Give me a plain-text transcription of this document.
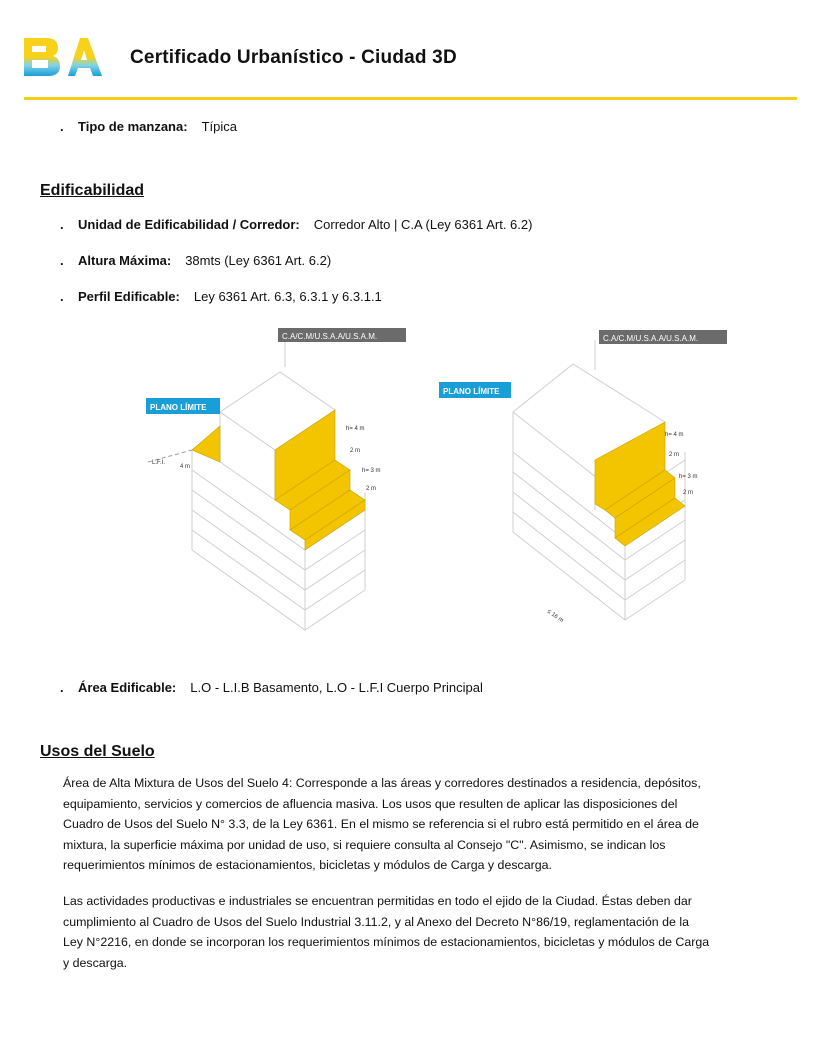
Certificado Urbanístico - Ciudad 3D
.	Tipo de manzana: Típica
Edificabilidad
.	Unidad de Edificabilidad / Corredor: Corredor Alto | C.A (Ley 6361 Art. 6.2)
.	Altura Máxima: 38mts (Ley 6361 Art. 6.2)
.	Perfil Edificable: Ley 6361 Art. 6.3, 6.3.1 y 6.3.1.1
C.A/C.M/U.S.A.A/U.S.A.M.
PLANO LÍMITE
h= 4 m
2 m
h= 3 m
2 m
L.F.I.
4 m
C.A/C.M/U.S.A.A/U.S.A.M.
PLANO LÍMITE
h= 4 m
2 m
h= 3 m
2 m
≤ 16 m
.	Área Edificable: L.O - L.I.B Basamento, L.O - L.F.I Cuerpo Principal
Usos del Suelo
Área de Alta Mixtura de Usos del Suelo 4: Corresponde a las áreas y corredores destinados a residencia, depósitos,
equipamiento, servicios y comercios de afluencia masiva. Los usos que resulten de aplicar las disposiciones del
Cuadro de Usos del Suelo N° 3.3, de la Ley 6361. En el mismo se referencia si el rubro está permitido en el área de
mixtura, la superficie máxima por unidad de uso, si requiere consulta al Consejo "C". Asimismo, se indican los
requerimientos mínimos de estacionamientos, bicicletas y módulos de Carga y descarga.
Las actividades productivas e industriales se encuentran permitidas en todo el ejido de la Ciudad. Éstas deben dar
cumplimiento al Cuadro de Usos del Suelo Industrial 3.11.2, y al Anexo del Decreto N°86/19, reglamentación de la
Ley N°2216, en donde se incorporan los requerimientos mínimos de estacionamientos, bicicletas y módulos de Carga
y descarga.
